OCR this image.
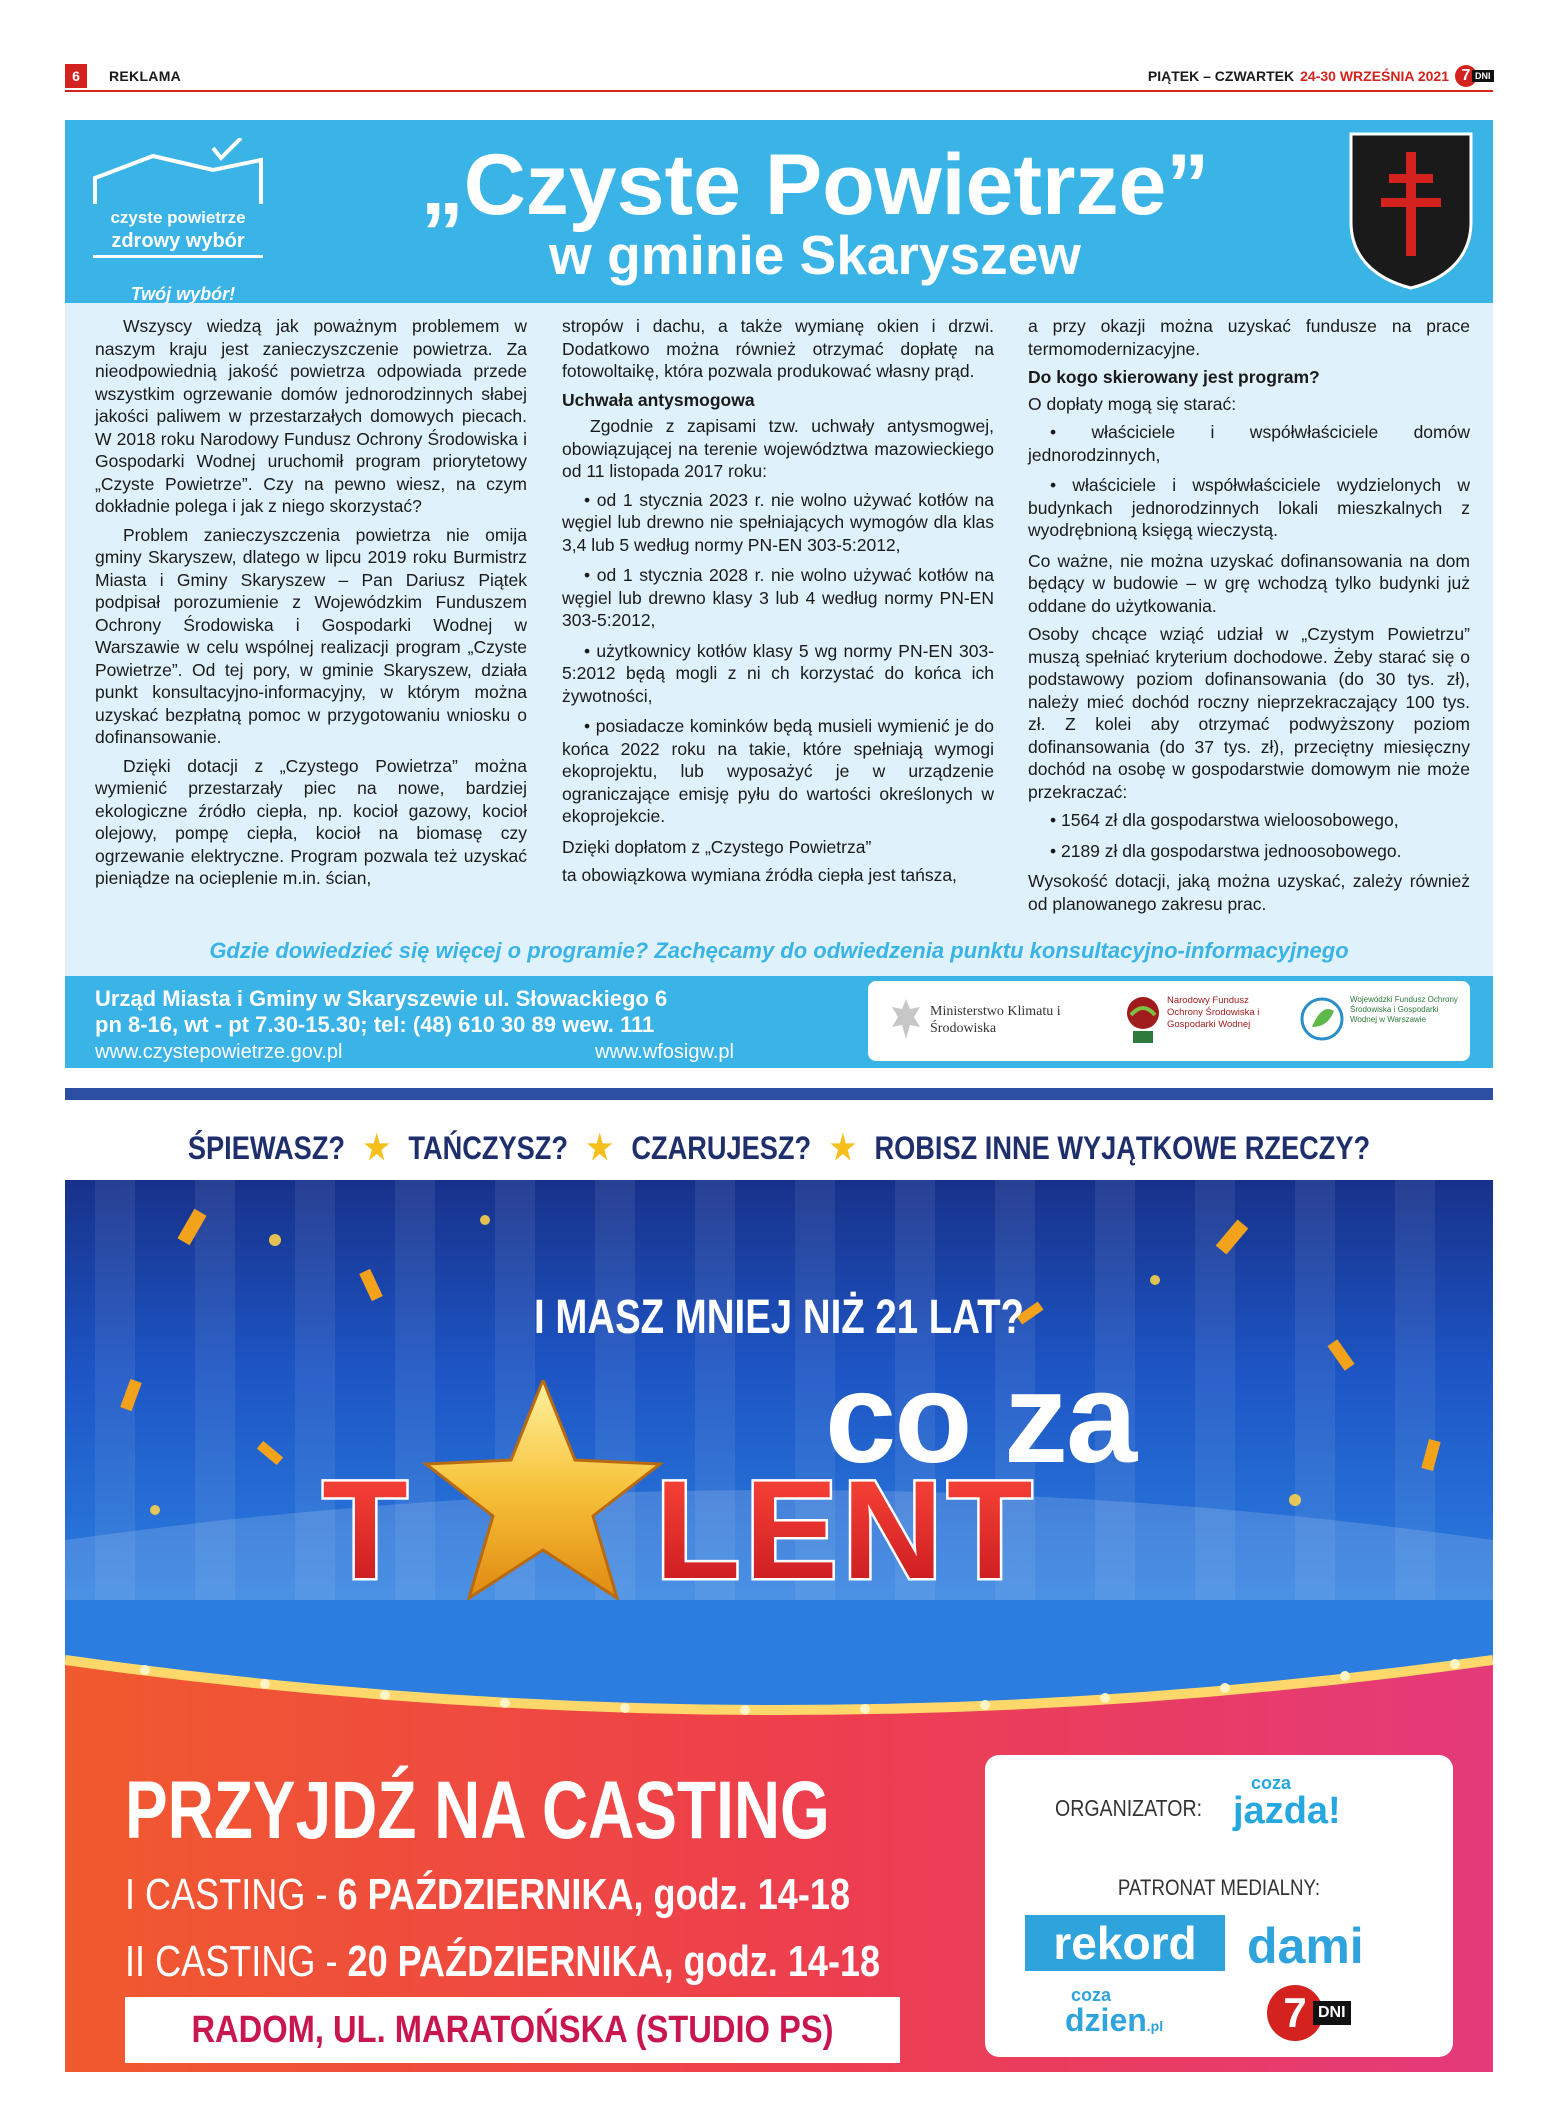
6	REKLAMA	PIĄTEK – CZWARTEK 24-30 WRZEŚNIA 2021 7 DNI
czyste powietrze
zdrowy wybór
Twój wybór!
„Czyste Powietrze”
w gminie Skaryszew

Wszyscy wiedzą jak poważnym problemem w naszym kraju jest zanieczyszczenie powietrza. Za nieodpowiednią jakość powietrza odpowiada przede wszystkim ogrzewanie domów jednorodzinnych słabej jakości paliwem w przestarzałych domowych piecach. W 2018 roku Narodowy Fundusz Ochrony Środowiska i Gospodarki Wodnej uruchomił program priorytetowy „Czyste Powietrze”. Czy na pewno wiesz, na czym dokładnie polega i jak z niego skorzystać?

Problem zanieczyszczenia powietrza nie omija gminy Skaryszew, dlatego w lipcu 2019 roku Burmistrz Miasta i Gminy Skaryszew – Pan Dariusz Piątek podpisał porozumienie z Wojewódzkim Funduszem Ochrony Środowiska i Gospodarki Wodnej w Warszawie w celu wspólnej realizacji program „Czyste Powietrze”. Od tej pory, w gminie Skaryszew, działa punkt konsultacyjno-informacyjny, w którym można uzyskać bezpłatną pomoc w przygotowaniu wniosku o dofinansowanie.

Dzięki dotacji z „Czystego Powietrza” można wymienić przestarzały piec na nowe, bardziej ekologiczne źródło ciepła, np. kocioł gazowy, kocioł olejowy, pompę ciepła, kocioł na biomasę czy ogrzewanie elektryczne. Program pozwala też uzyskać pieniądze na ocieplenie m.in. ścian,

stropów i dachu, a także wymianę okien i drzwi. Dodatkowo można również otrzymać dopłatę na fotowoltaikę, która pozwala produkować własny prąd.

Uchwała antysmogowa

Zgodnie z zapisami tzw. uchwały antysmogwej, obowiązującej na terenie województwa mazowieckiego od 11 listopada 2017 roku:

• od 1 stycznia 2023 r. nie wolno używać kotłów na węgiel lub drewno nie spełniających wymogów dla klas 3,4 lub 5 według normy PN-EN 303-5:2012,

• od 1 stycznia 2028 r. nie wolno używać kotłów na węgiel lub drewno klasy 3 lub 4 według normy PN-EN 303-5:2012,

• użytkownicy kotłów klasy 5 wg normy PN-EN 303-5:2012 będą mogli z ni ch korzystać do końca ich żywotności,

• posiadacze kominków będą musieli wymienić je do końca 2022 roku na takie, które spełniają wymogi ekoprojektu, lub wyposażyć je w urządzenie ograniczające emisję pyłu do wartości określonych w ekoprojekcie.

Dzięki dopłatom z „Czystego Powietrza”

ta obowiązkowa wymiana źródła ciepła jest tańsza,

a przy okazji można uzyskać fundusze na prace termomodernizacyjne.

Do kogo skierowany jest program?

O dopłaty mogą się starać:

• właściciele i współwłaściciele domów jednorodzinnych,

• właściciele i współwłaściciele wydzielonych w budynkach jednorodzinnych lokali mieszkalnych z wyodrębnioną księgą wieczystą.

Co ważne, nie można uzyskać dofinansowania na dom będący w budowie – w grę wchodzą tylko budynki już oddane do użytkowania.

Osoby chcące wziąć udział w „Czystym Powietrzu” muszą spełniać kryterium dochodowe. Żeby starać się o podstawowy poziom dofinansowania (do 30 tys. zł), należy mieć dochód roczny nieprzekraczający 100 tys. zł. Z kolei aby otrzymać podwyższony poziom dofinansowania (do 37 tys. zł), przeciętny miesięczny dochód na osobę w gospodarstwie domowym nie może przekraczać:

• 1564 zł dla gospodarstwa wieloosobowego,

• 2189 zł dla gospodarstwa jednoosobowego.

Wysokość dotacji, jaką można uzyskać, zależy również od planowanego zakresu prac.

Gdzie dowiedzieć się więcej o programie? Zachęcamy do odwiedzenia punktu konsultacyjno-informacyjnego
Urząd Miasta i Gminy w Skaryszewie ul. Słowackiego 6
pn 8-16, wt - pt 7.30-15.30; tel: (48) 610 30 89 wew. 111
www.czystepowietrze.gov.pl	www.wfosigw.pl
Ministerstwo Klimatu i Środowiska
Narodowy Fundusz Ochrony Środowiska i Gospodarki Wodnej
Wojewódzki Fundusz Ochrony Środowiska i Gospodarki Wodnej w Warszawie
ŚPIEWASZ? ★ TAŃCZYSZ? ★ CZARUJESZ? ★ ROBISZ INNE WYJĄTKOWE RZECZY?
I MASZ MNIEJ NIŻ 21 LAT?
co za
T LENT
PRZYJDŹ NA CASTING
I CASTING - 6 PAŹDZIERNIKA, godz. 14-18
II CASTING - 20 PAŹDZIERNIKA, godz. 14-18
RADOM, UL. MARATOŃSKA (STUDIO PS)
ORGANIZATOR:
coza
jazda!
PATRONAT MEDIALNY:
rekord	dami
coza
dzien.pl	7 DNI
